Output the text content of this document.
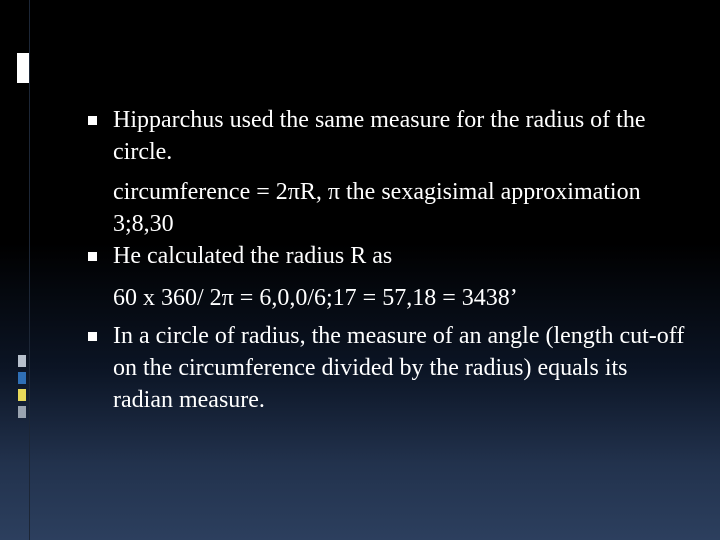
Hipparchus used the same measure for the radius of the circle.
circumference = 2πR, π the sexagisimal approximation 3;8,30
He calculated the radius R as
60 x 360/ 2π = 6,0,0/6;17 = 57,18 = 3438’
In a circle of radius, the measure of an angle (length cut-off on the circumference divided by the radius) equals its radian measure.
